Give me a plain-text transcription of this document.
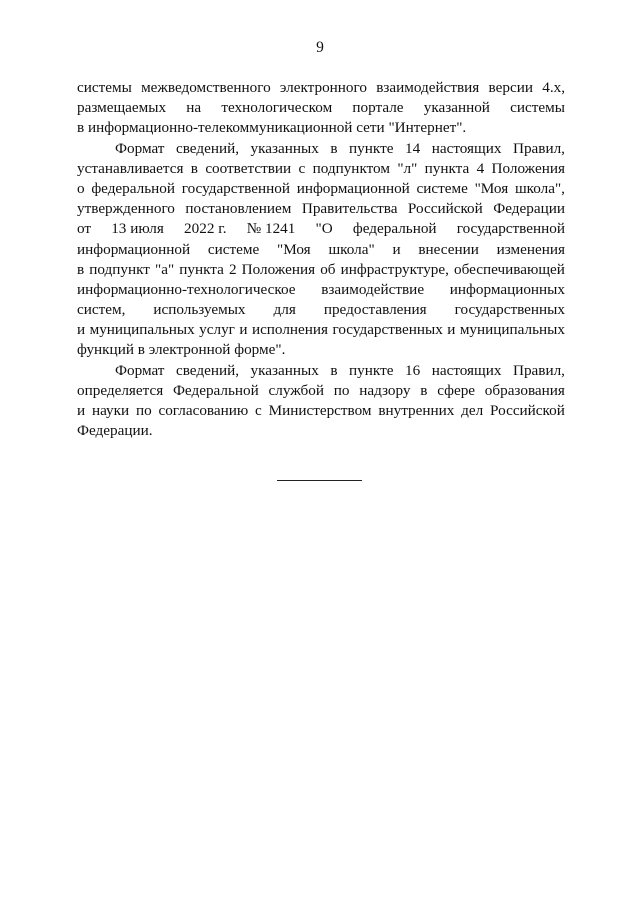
9
системы межведомственного электронного взаимодействия версии 4.х,
размещаемых на технологическом портале указанной системы
в информационно-телекоммуникационной сети "Интернет".
Формат сведений, указанных в пункте 14 настоящих Правил,
устанавливается в соответствии с подпунктом "л" пункта 4 Положения
о федеральной государственной информационной системе "Моя школа",
утвержденного постановлением Правительства Российской Федерации
от 13 июля 2022 г. № 1241 "О федеральной государственной
информационной системе "Моя школа" и внесении изменения
в подпункт "а" пункта 2 Положения об инфраструктуре, обеспечивающей
информационно-технологическое взаимодействие информационных
систем, используемых для предоставления государственных
и муниципальных услуг и исполнения государственных и муниципальных
функций в электронной форме".
Формат сведений, указанных в пункте 16 настоящих Правил,
определяется Федеральной службой по надзору в сфере образования
и науки по согласованию с Министерством внутренних дел Российской
Федерации.
